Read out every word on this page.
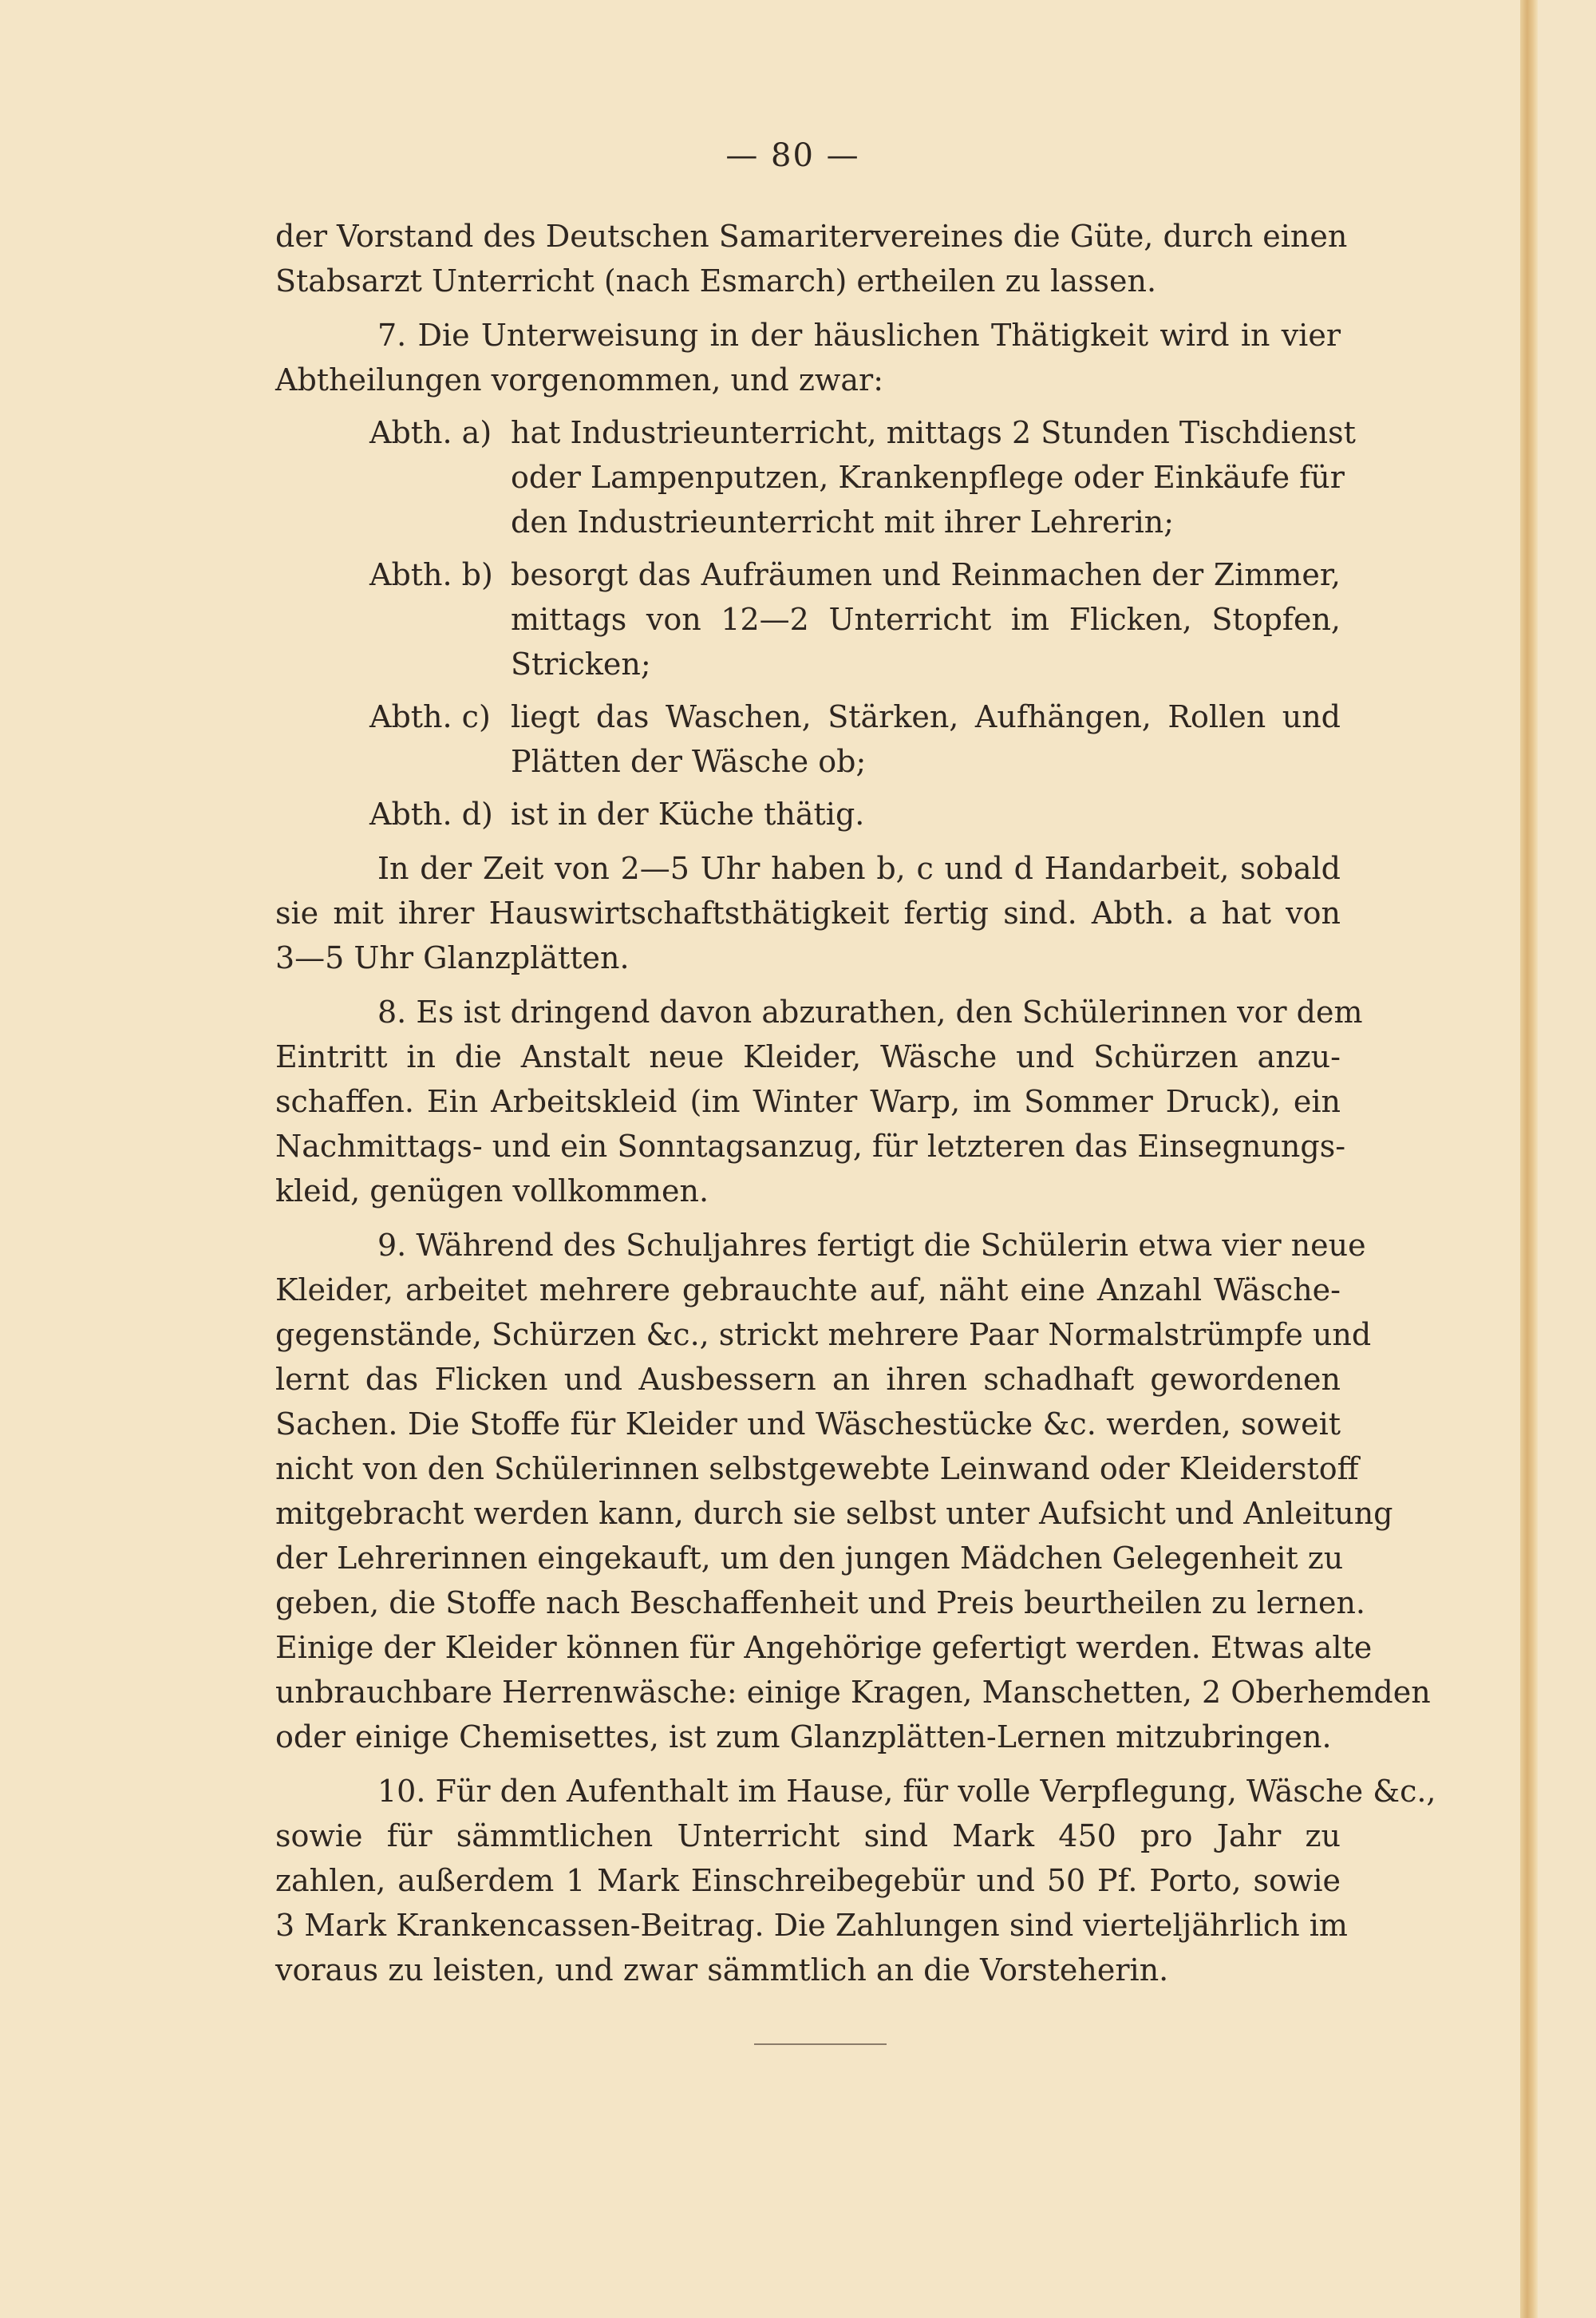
— 80 —
der Vorstand des Deutschen Samaritervereines die Güte, durch einen
Stabsarzt Unterricht (nach Esmarch) ertheilen zu lassen.
7. Die Unterweisung in der häuslichen Thätigkeit wird in vier
Abtheilungen vorgenommen, und zwar:
Abth. a) hat Industrieunterricht, mittags 2 Stunden Tischdienst
oder Lampenputzen, Krankenpflege oder Einkäufe für
den Industrieunterricht mit ihrer Lehrerin;
Abth. b) besorgt das Aufräumen und Reinmachen der Zimmer,
mittags von 12—2 Unterricht im Flicken, Stopfen,
Stricken;
Abth. c) liegt das Waschen, Stärken, Aufhängen, Rollen und
Plätten der Wäsche ob;
Abth. d) ist in der Küche thätig.
In der Zeit von 2—5 Uhr haben b, c und d Handarbeit, sobald
sie mit ihrer Hauswirtschaftsthätigkeit fertig sind. Abth. a hat von
3—5 Uhr Glanzplätten.
8. Es ist dringend davon abzurathen, den Schülerinnen vor dem
Eintritt in die Anstalt neue Kleider, Wäsche und Schürzen anzu-
schaffen. Ein Arbeitskleid (im Winter Warp, im Sommer Druck), ein
Nachmittags- und ein Sonntagsanzug, für letzteren das Einsegnungs-
kleid, genügen vollkommen.
9. Während des Schuljahres fertigt die Schülerin etwa vier neue
Kleider, arbeitet mehrere gebrauchte auf, näht eine Anzahl Wäsche-
gegenstände, Schürzen &c., strickt mehrere Paar Normalstrümpfe und
lernt das Flicken und Ausbessern an ihren schadhaft gewordenen
Sachen. Die Stoffe für Kleider und Wäschestücke &c. werden, soweit
nicht von den Schülerinnen selbstgewebte Leinwand oder Kleiderstoff
mitgebracht werden kann, durch sie selbst unter Aufsicht und Anleitung
der Lehrerinnen eingekauft, um den jungen Mädchen Gelegenheit zu
geben, die Stoffe nach Beschaffenheit und Preis beurtheilen zu lernen.
Einige der Kleider können für Angehörige gefertigt werden. Etwas alte
unbrauchbare Herrenwäsche: einige Kragen, Manschetten, 2 Oberhemden
oder einige Chemisettes, ist zum Glanzplätten-Lernen mitzubringen.
10. Für den Aufenthalt im Hause, für volle Verpflegung, Wäsche &c.,
sowie für sämmtlichen Unterricht sind Mark 450 pro Jahr zu
zahlen, außerdem 1 Mark Einschreibegebür und 50 Pf. Porto, sowie
3 Mark Krankencassen-Beitrag. Die Zahlungen sind vierteljährlich im
voraus zu leisten, und zwar sämmtlich an die Vorsteherin.
